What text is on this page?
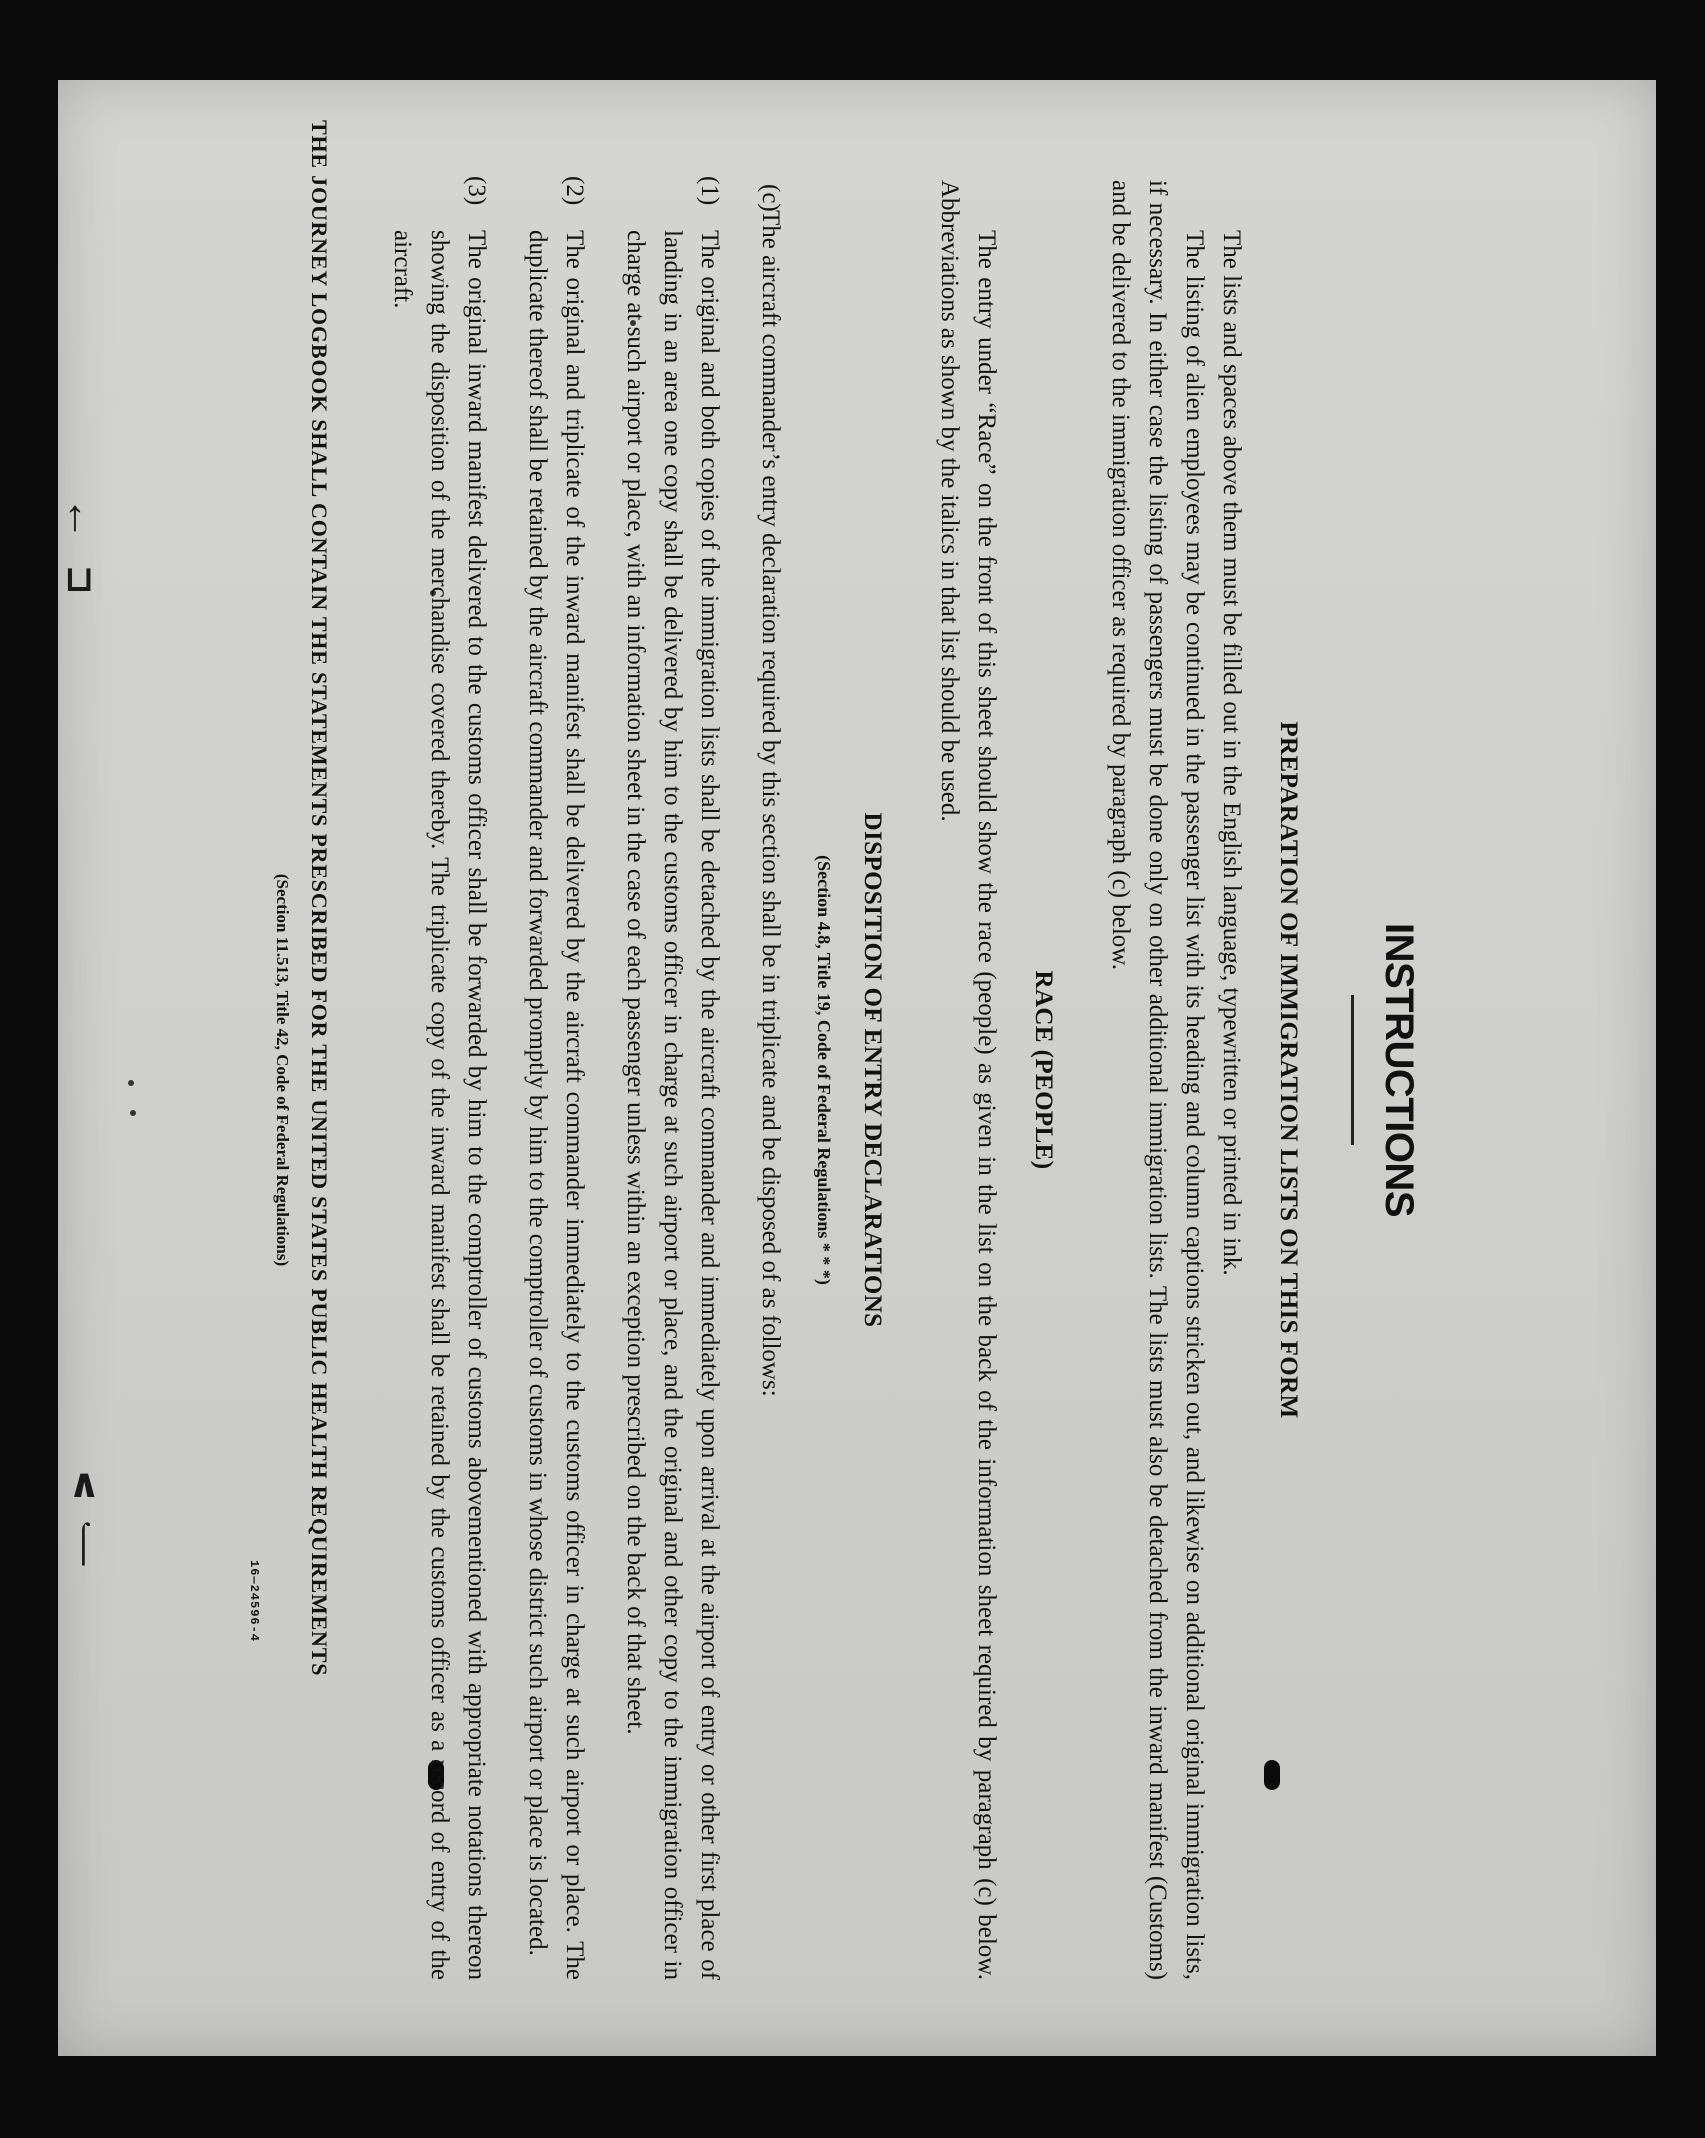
↑
⊔
∧
⌠
INSTRUCTIONS
PREPARATION OF IMMIGRATION LISTS ON THIS FORM

The lists and spaces above them must be filled out in the English language, typewritten or printed in ink.

The listing of alien employees may be continued in the passenger list with its heading and column captions stricken out, and likewise on additional original immigration lists, if necessary. In either case the listing of passengers must be done only on other additional immigration lists. The lists must also be detached from the inward manifest (Customs) and be delivered to the immigration officer as required by paragraph (c) below.

RACE (PEOPLE)

The entry under “Race” on the front of this sheet should show the race (people) as given in the list on the back of the information sheet required by paragraph (c) below. Abbreviations as shown by the italics in that list should be used.

DISPOSITION OF ENTRY DECLARATIONS
(Section 4.8, Title 19, Code of Federal Regulations * * *)
(c)

The aircraft commander’s entry declaration required by this section shall be in triplicate and be disposed of as follows:

(1)

The original and both copies of the immigration lists shall be detached by the aircraft commander and immediately upon arrival at the airport of entry or other first place of landing in an area one copy shall be delivered by him to the customs officer in charge at such airport or place, and the original and other copy to the immigration officer in charge at such airport or place, with an information sheet in the case of each passenger unless within an exception prescribed on the back of that sheet.

(2)

The original and triplicate of the inward manifest shall be delivered by the aircraft commander immediately to the customs officer in charge at such airport or place. The duplicate thereof shall be retained by the aircraft commander and forwarded promptly by him to the comptroller of customs in whose district such airport or place is located.

(3)

The original inward manifest delivered to the customs officer shall be forwarded by him to the comptroller of customs abovementioned with appropriate notations thereon showing the disposition of the merchandise covered thereby. The triplicate copy of the inward manifest shall be retained by the customs officer as a record of entry of the aircraft.

THE JOURNEY LOGBOOK SHALL CONTAIN THE STATEMENTS PRESCRIBED FOR THE UNITED STATES PUBLIC HEALTH REQUIREMENTS
(Section 11.513, Title 42, Code of Federal Regulations)
16—24596-4
